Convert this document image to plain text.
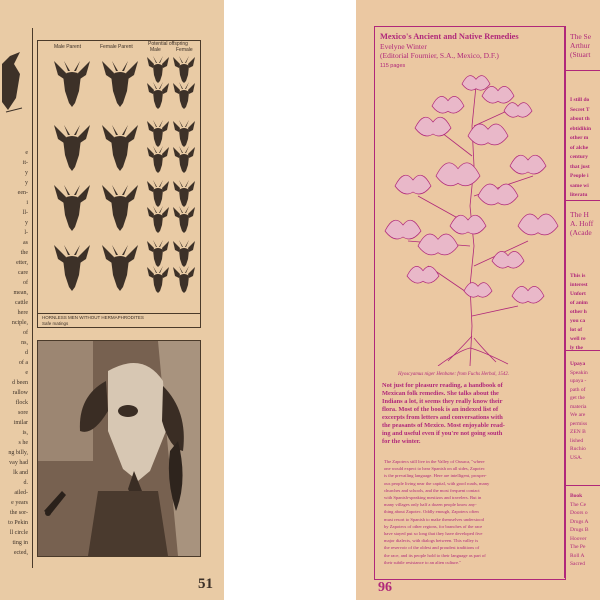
e
it-
y
y
een-
i
ll-
y
l-
as
the
etter,
care
of
mean,
cattle
here
nciple,
of
ns,
d
of a
e
d been
rallow
flock
sore
imilar
is,
s he
ng billy,
vay had
lk and
d.
ailed-
e years
the sor-
to Pekin
ll circle
ting in
ected,
Male Parent	Female Parent	Potential offspring
Male	Female
HORNLESS MEN WITHOUT HERMAPHRODITES
Safe matings
51
Mexico's Ancient and Native Remedies
Evelyne Winter
(Editorial Fournier, S.A., Mexico, D.F.)
115 pages
Hyoscyamus niger Henbane: from Fuchs Herbal, 1542.
Not just for pleasure reading, a handbook of
Mexican folk remedies. She talks about the
Indians a lot, it seems they really know their
flora. Most of the book is an indexed list of
excerpts from letters and conversations with
the peasants of Mexico. Most enjoyable read-
ing and useful even if you're not going south
for the winter.
The Zapotecs still live in the Valley of Oaxaca, "where
one would expect to hear Spanish on all sides, Zapotec
is the prevailing language. Here are intelligent, prosper-
ous people living near the capital, with good roads, many
churches and schools, and the most frequent contact
with Spanish-speaking mestizos and travelers. But in
many villages only half a dozen people know any-
thing about Zapotec. Oddly enough, Zapotecs often
must resort to Spanish to make themselves understood
by Zapotecs of other regions, for branches of the race
have stayed put so long that they have developed five
major dialects, with dialogs between. This valley is
the reservoir of the oldest and proudest traditions of
the race, and its people hold to their language as part of
their subtle resistance to an alien culture."
96
The Se
Arthur
(Stuart
I still do
Secret T
about th
ebtidikin
other m
of alche
century
that just
People i
same wi
literatu
The H
A. Hoff
(Acade
This is
interest
Unfort
of anim
other h
you ca
lot of
well re
ly the
Upaya
Speakin
upaya -
path of
get the
materia
We are
permiss
ZEN B
lished
Ruchio
USA.
Book
The Ce
Doors o
Drugs A
Drugs B
Hoover
The Pe
Roll A
Sacred
